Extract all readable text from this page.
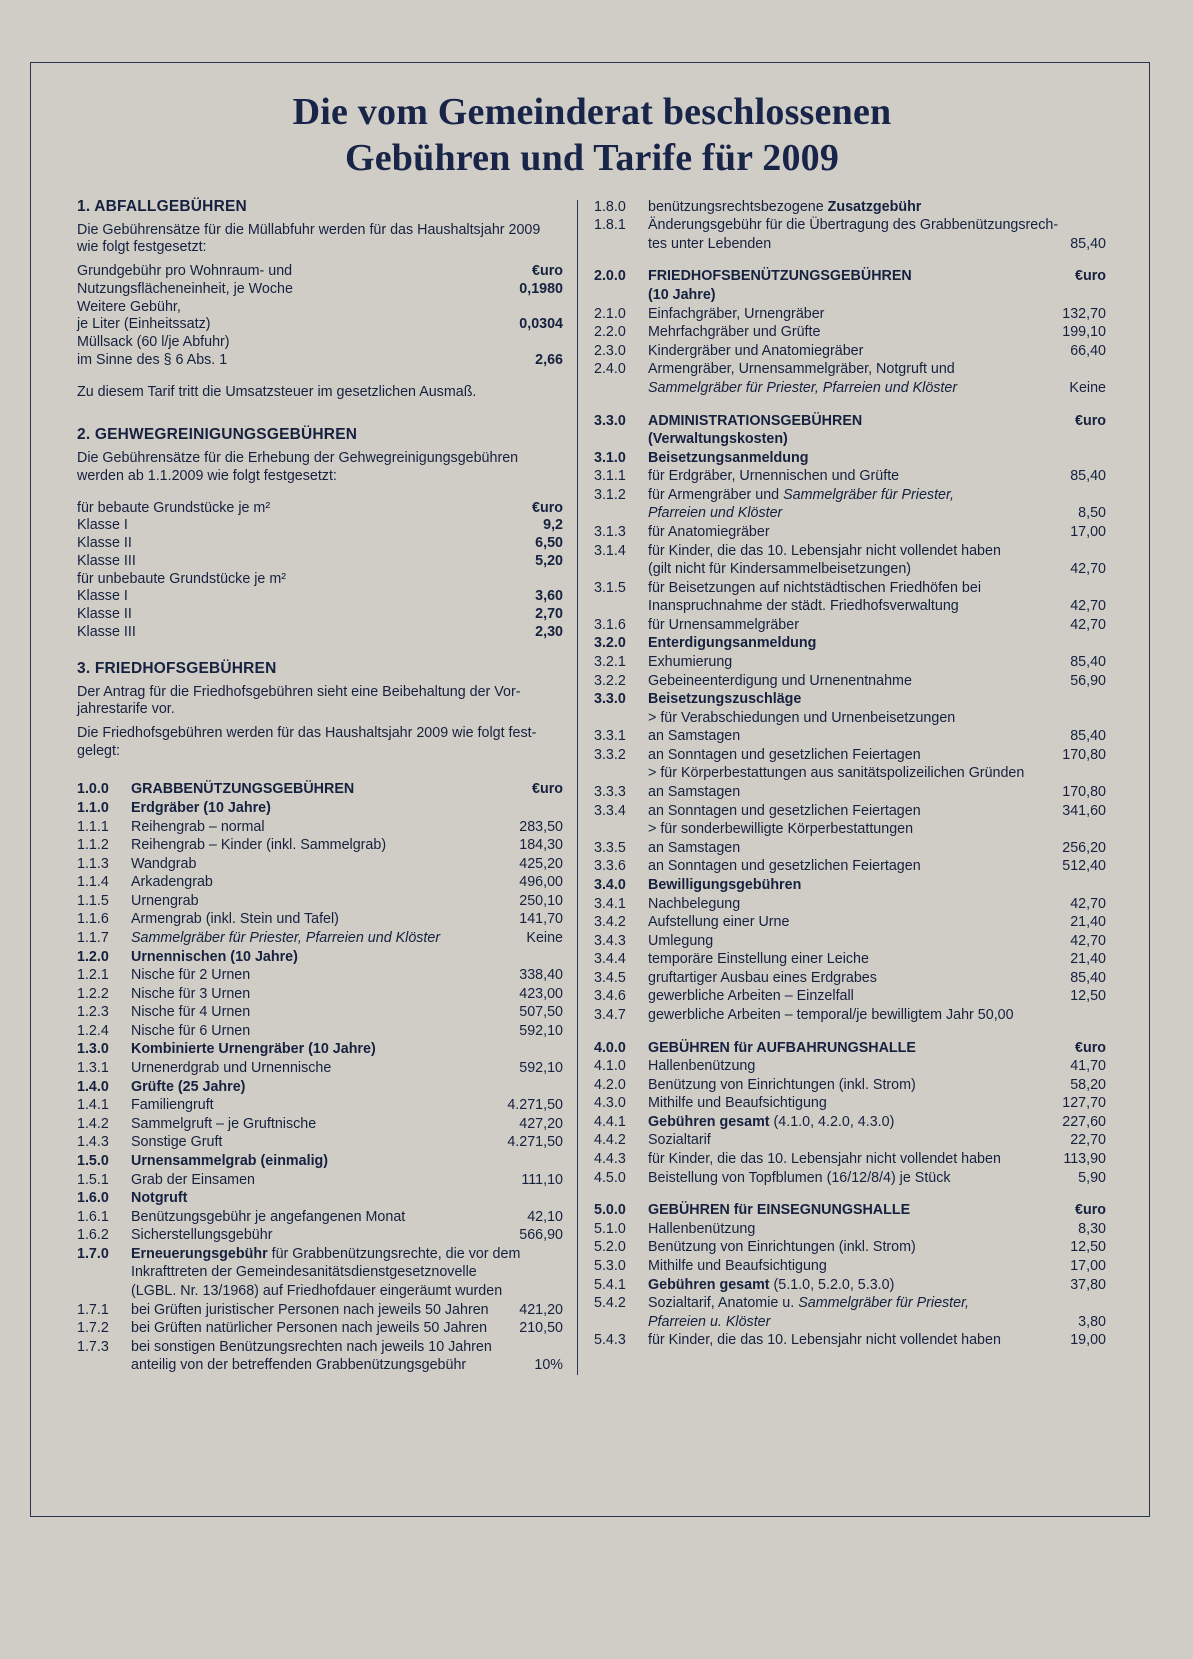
Die vom Gemeinderat beschlossenen
Gebühren und Tarife für 2009
1. ABFALLGEBÜHREN
Die Gebührensätze für die Müllabfuhr werden für das Haushaltsjahr 2009
wie folgt festgesetzt:
Grundgebühr pro Wohnraum- und	€uro
Nutzungsflächeneinheit, je Woche	0,1980
Weitere Gebühr,
je Liter (Einheitssatz)	0,0304
Müllsack (60 l/je Abfuhr)
im Sinne des § 6 Abs. 1	2,66
Zu diesem Tarif tritt die Umsatzsteuer im gesetzlichen Ausmaß.
2. GEHWEGREINIGUNGSGEBÜHREN
Die Gebührensätze für die Erhebung der Gehwegreinigungsgebühren
werden ab 1.1.2009 wie folgt festgesetzt:
für bebaute Grundstücke je m²	€uro
Klasse I	9,2
Klasse II	6,50
Klasse III	5,20
für unbebaute Grundstücke je m²
Klasse I	3,60
Klasse II	2,70
Klasse III	2,30
3. FRIEDHOFSGEBÜHREN
Der Antrag für die Friedhofsgebühren sieht eine Beibehaltung der Vor-
jahrestarife vor.
Die Friedhofsgebühren werden für das Haushaltsjahr 2009 wie folgt fest-
gelegt:
1.0.0	GRABBENÜTZUNGSGEBÜHREN	€uro
1.1.0	Erdgräber (10 Jahre)
1.1.1	Reihengrab – normal	283,50
1.1.2	Reihengrab – Kinder (inkl. Sammelgrab)	184,30
1.1.3	Wandgrab	425,20
1.1.4	Arkadengrab	496,00
1.1.5	Urnengrab	250,10
1.1.6	Armengrab (inkl. Stein und Tafel)	141,70
1.1.7	Sammelgräber für Priester, Pfarreien und Klöster	Keine
1.2.0	Urnennischen (10 Jahre)
1.2.1	Nische für 2 Urnen	338,40
1.2.2	Nische für 3 Urnen	423,00
1.2.3	Nische für 4 Urnen	507,50
1.2.4	Nische für 6 Urnen	592,10
1.3.0	Kombinierte Urnengräber (10 Jahre)
1.3.1	Urnenerdgrab und Urnennische	592,10
1.4.0	Grüfte (25 Jahre)
1.4.1	Familiengruft	4.271,50
1.4.2	Sammelgruft – je Gruftnische	427,20
1.4.3	Sonstige Gruft	4.271,50
1.5.0	Urnensammelgrab (einmalig)
1.5.1	Grab der Einsamen	111,10
1.6.0	Notgruft
1.6.1	Benützungsgebühr je angefangenen Monat	42,10
1.6.2	Sicherstellungsgebühr	566,90
1.7.0	Erneuerungsgebühr für Grabbenützungsrechte, die vor dem
Inkrafttreten der Gemeindesanitätsdienstgesetznovelle
(LGBL. Nr. 13/1968) auf Friedhofdauer eingeräumt wurden
1.7.1	bei Grüften juristischer Personen nach jeweils 50 Jahren	421,20
1.7.2	bei Grüften natürlicher Personen nach jeweils 50 Jahren	210,50
1.7.3	bei sonstigen Benützungsrechten nach jeweils 10 Jahren
anteilig von der betreffenden Grabbenützungsgebühr	10%
1.8.0	benützungsrechtsbezogene Zusatzgebühr
1.8.1	Änderungsgebühr für die Übertragung des Grabbenützungsrech-
tes unter Lebenden	85,40
2.0.0	FRIEDHOFSBENÜTZUNGSGEBÜHREN	€uro
(10 Jahre)
2.1.0	Einfachgräber, Urnengräber	132,70
2.2.0	Mehrfachgräber und Grüfte	199,10
2.3.0	Kindergräber und Anatomiegräber	66,40
2.4.0	Armengräber, Urnensammelgräber, Notgruft und
Sammelgräber für Priester, Pfarreien und Klöster	Keine
3.3.0	ADMINISTRATIONSGEBÜHREN	€uro
(Verwaltungskosten)
3.1.0	Beisetzungsanmeldung
3.1.1	für Erdgräber, Urnennischen und Grüfte	85,40
3.1.2	für Armengräber und Sammelgräber für Priester,
Pfarreien und Klöster	8,50
3.1.3	für Anatomiegräber	17,00
3.1.4	für Kinder, die das 10. Lebensjahr nicht vollendet haben
(gilt nicht für Kindersammelbeisetzungen)	42,70
3.1.5	für Beisetzungen auf nichtstädtischen Friedhöfen bei
Inanspruchnahme der städt. Friedhofsverwaltung	42,70
3.1.6	für Urnensammelgräber	42,70
3.2.0	Enterdigungsanmeldung
3.2.1	Exhumierung	85,40
3.2.2	Gebeineenterdigung und Urnenentnahme	56,90
3.3.0	Beisetzungszuschläge
> für Verabschiedungen und Urnenbeisetzungen
3.3.1	an Samstagen	85,40
3.3.2	an Sonntagen und gesetzlichen Feiertagen	170,80
> für Körperbestattungen aus sanitätspolizeilichen Gründen
3.3.3	an Samstagen	170,80
3.3.4	an Sonntagen und gesetzlichen Feiertagen	341,60
> für sonderbewilligte Körperbestattungen
3.3.5	an Samstagen	256,20
3.3.6	an Sonntagen und gesetzlichen Feiertagen	512,40
3.4.0	Bewilligungsgebühren
3.4.1	Nachbelegung	42,70
3.4.2	Aufstellung einer Urne	21,40
3.4.3	Umlegung	42,70
3.4.4	temporäre Einstellung einer Leiche	21,40
3.4.5	gruftartiger Ausbau eines Erdgrabes	85,40
3.4.6	gewerbliche Arbeiten – Einzelfall	12,50
3.4.7	gewerbliche Arbeiten – temporal/je bewilligtem Jahr 50,00
4.0.0	GEBÜHREN für AUFBAHRUNGSHALLE	€uro
4.1.0	Hallenbenützung	41,70
4.2.0	Benützung von Einrichtungen (inkl. Strom)	58,20
4.3.0	Mithilfe und Beaufsichtigung	127,70
4.4.1	Gebühren gesamt (4.1.0, 4.2.0, 4.3.0)	227,60
4.4.2	Sozialtarif	22,70
4.4.3	für Kinder, die das 10. Lebensjahr nicht vollendet haben	113,90
4.5.0	Beistellung von Topfblumen (16/12/8/4) je Stück	5,90
5.0.0	GEBÜHREN für EINSEGNUNGSHALLE	€uro
5.1.0	Hallenbenützung	8,30
5.2.0	Benützung von Einrichtungen (inkl. Strom)	12,50
5.3.0	Mithilfe und Beaufsichtigung	17,00
5.4.1	Gebühren gesamt (5.1.0, 5.2.0, 5.3.0)	37,80
5.4.2	Sozialtarif, Anatomie u. Sammelgräber für Priester,
Pfarreien u. Klöster	3,80
5.4.3	für Kinder, die das 10. Lebensjahr nicht vollendet haben	19,00
